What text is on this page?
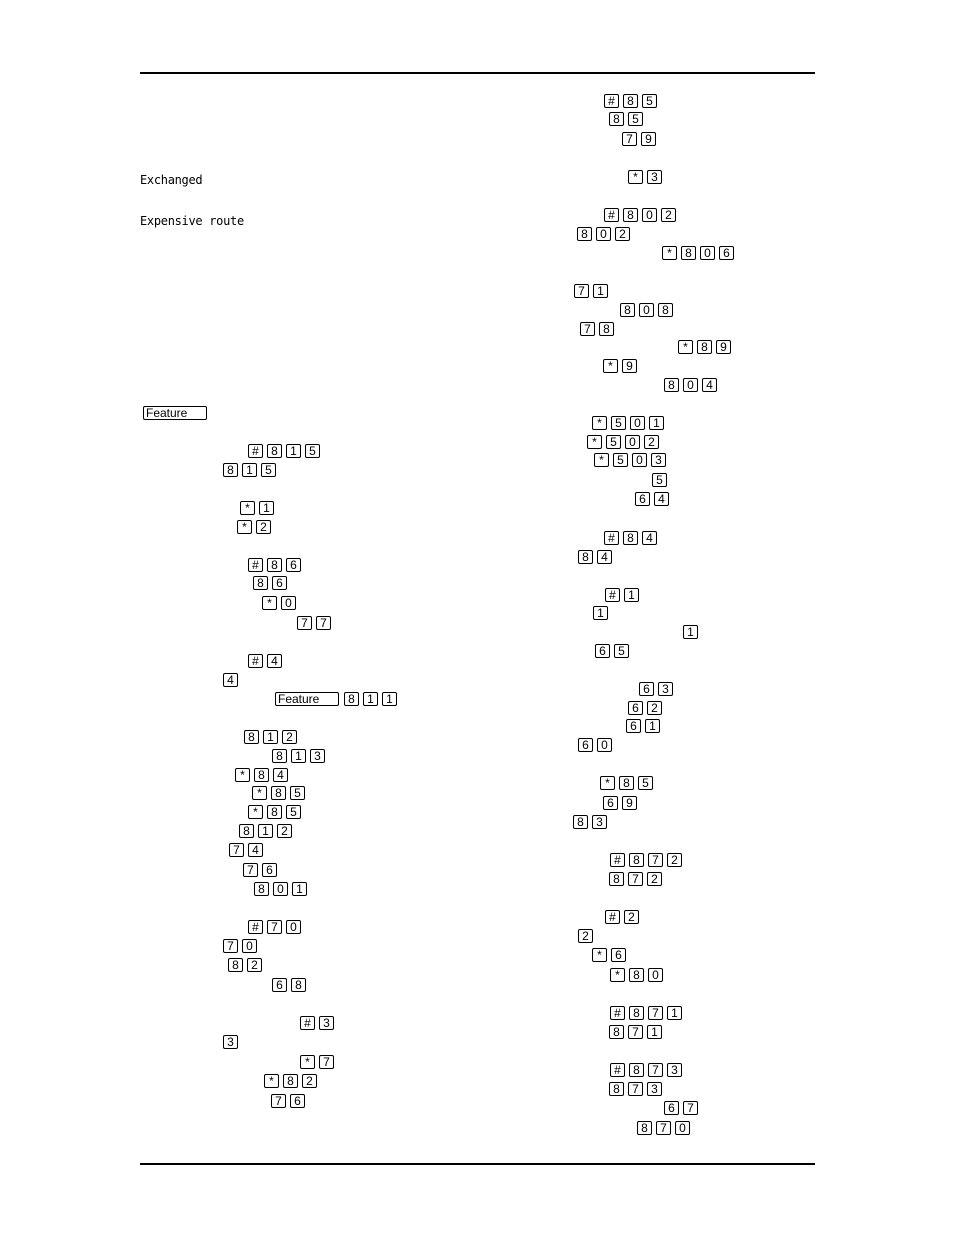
Exchanged
Expensive route
#	8	5
8	5
7	9
*	3
#	8	0	2
8	0	2
*	8	0	6
7	1
8	0	8
7	8
*	8	9
*	9
8	0	4
*	5	0	1
*	5	0	2
*	5	0	3
5
6	4
#	8	4
8	4
#	1
1
1
6	5
6	3
6	2
6	1
6	0
*	8	5
6	9
8	3
#	8	7	2
8	7	2
#	2
2
*	6
*	8	0
#	8	7	1
8	7	1
#	8	7	3
8	7	3
6	7
8	7	0
Feature
#	8	1	5
8	1	5
*	1
*	2
#	8	6
8	6
*	0
7	7
#	4
4
Feature	8	1	1
8	1	2
8	1	3
*	8	4
*	8	5
*	8	5
8	1	2
7	4
7	6
8	0	1
#	7	0
7	0
8	2
6	8
#	3
3
*	7
*	8	2
7	6
